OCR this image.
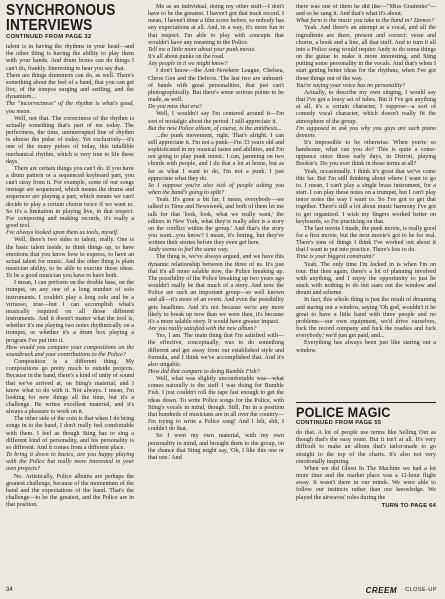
SYNCHRONOUS
INTERVIEWS
CONTINUED FROM PAGE 32

talent is in having the rhythms in your head—and the other thing is having the ability to play them with your hands. And drum boxes can do things I can't do, frankly. Interesting to hear you say that.

There are things drummers can do, as well. There's something about the feel of a band, that you can get live, of the tempos surging and settling, and the dynamism...

The "incorrectness" of the rhythm is what's good, you mean.

Well, not that. The correctness of the rhythm is actually something that's part of me today. The perfectness, the time, uninterrupted line of rhythm is almost the pulse of today. Yet exclusively—it's one of the many pulses of today, this infallible mechanical rhythm, which is very true to life these days.

There are certain things you can't do. If you have a drum pattern or a sequenced keyboard part, you can't stray from it. For example, some of our songs onstage are sequenced, which means the drums and sequencer are playing a part, which means we can't decide to play a certain chorus twice if we want to. So it's a limitation in playing live, in that respect. For composing and making records, it's really a good tool.

I've always looked upon them as tools, myself.

Well, there's two sides to talent, really. One is the basic talent inside, to think things up, to have emotions that you know how to express, to have an actual talent for music. And the other thing is plain musician ability, to be able to execute those ideas. To be a good musician you have to have both.

I mean, I can perform on the double bass, on the trumpet, on any one of a long number of solo instruments. I couldn't play a long solo and be a virtuoso, true—but I can accomplish what's musically required on all those different instruments. And it doesn't matter what the tool is, whether it's me playing two notes rhythmically on a trumpet, or whether it's a drum box playing a program I've put into it.

How would you compare your compositions on the soundtrack and your contributions to the Police?

Composition is a different thing. My compositions go pretty much to outside projects. Because in the band, there's a kind of unity of sound that we've arrived at, on Sting's material, and I know what to do with it. Not always. I mean, I'm looking for new things all the time, but it's a challenge. He writes excellent material, and it's always a pleasure to work on it.

The other side of the coin is that when I do bring songs in to the band, I don't really feel comfortable with them. I feel as though Sting has to sing a different kind of personality, and his personality is so different. And it comes from a different place.

To bring it down to basics, are you happy playing with the Police but really more interested in your own projects?

No. Artistically, Police albums are perhaps the greatest challenge, because of the momentum of the band and the expectations of the band. That's the challenge—to be the greatest, and the Police are in that position.

Me as an individual, doing my other stuff—I don't have to be the greatest. I haven't got that track record. I mean, I haven't done a film score before, so nobody has any expectations at all. And, in a way, it's more fun in that respect. I'm able to play with concepts that wouldn't have any meaning in the Police.

Tell me a little more about your punk movie.

It's all about punks on the road.

Any people in it we might know?

I don't know—the Anti-Nowhere League, Chelsea, Chron Gen and the Defects. The last two are unheard-of bands with great personalities, that just can't photographically. But there's some serious points to be made, as well.

Do you miss that era?

Well, I wouldn't say I'm centered around it—I'm sort of nostalgic about the period. I still appreciate it.

But the new Police album, of course, is the antithesis...

...the punk movement, right. That's alright. I can still appreciate it. I'm not a punk—I'm 33 years old and sophisticated in my musical tastes and abilities, and I'm not going to play punk music. I can, jamming on two chords with people, and I do that a lot at home, but as far as what I want to do, I'm not a punk. I just appreciate what they do.

So I suppose you're also sick of people asking you when the band's going to split?

Yeah. It's gone a bit far, I mean, everybody—we talked to Time and Newsweek, and both of them let me talk for that 'look, look, what we really want,' the editors in New York, what they're really after is a story on the conflict within the group.' And that's the story you want...you know? I mean, it's boring, but they've written their stories before they even get here.

Andy seems to feel the same way.

The thing is, we've always argued, and we have this dynamic relationship between the three of us. It's just that it's all more salable now, the Police breaking up. The possibility of the Police breaking up two years ago wouldn't really be that much of a story. And now the Police are such an important group—so well known and all—it's more of an event. And even the possibility gets headlines. And it's not because we're any more likely to break up now than we were then, it's because it's a more salable story. It would have greater impact.

Are you really satisfied with the new album?

Yes, I am. The main thing that I'm satisfied with—the effective, conceptually, was to do something different and get away from our established style and formula, and I think we've accomplished that. And it's also singable.

How did that compare to doing Rumble Fish?

Well, what was slightly uncomfortable was—what comes naturally is the stuff I was doing for Rumble Fish. I just couldn't roll the tape fast enough to get the ideas down. To write Police songs for the Police, with Sting's vocals in mind, though. Still, I'm in a position that hundreds of musicians are in all over the country—I'm trying to write a Police song! And I felt, shit, I couldn't do that.

So I went my own material, with my own personality in mind, and brought them to the group, on the chance that Sting might say, 'Oh, I like this one or that one.' And

there was one of them he did like—"Miss Gradenko"—and so he sang it. And that's what it's about.

What form is the music you take to the band in? Demos?

Yeah. And there's an attempt at a vocal, and all the ingredients are there, present and correct: verse and chorus, a hook and a line, all that stuff. And to turn it all into a Police song would require Andy to do some things on the guitar to make it more interesting, and Sting putting some personality in the vocals. And that's when I start getting better ideas for the rhythms, when I've got those things out of the way.

You're saying your voice has no personality?

Actually, to describe my own singing, I would say that I've got a lousy set of tubes. But if I've got anything at all, it's a certain character, I suppose—a sort of comedy vocal character, which doesn't really fit the atmosphere of the group.

I'm supposed to ask you why you guys are such piano demons.

It's impossible to be otherwise. When you're so handsome, what can you do? This is quite a come-uppance since those early days, in Detroit, playing Bookie's. Do you ever think in those terms at all?

Yeah, occasionally. I think it's great that we've come this far. But I'm still thinking about where I want to go to. I mean, I can't play a single brass instrument, for a start. I can play these notes on a trumpet, but I can't play tenor notes the way I want to. So I've got to get that together. There's still a lot about music harmony I've got to get organized. I wish my fingers worked better on keyboards, so I'm practicing on that.

The last movie I made, the punk movie, is really good for a first movie, but the next movie's got to be for real. There's tons of things I think I've worked out about it that I want to put into practice. There's lots to do.

Time is your biggest constraint?

Yeah. The only time I'm locked in is when I'm on tour. But then again, there's a lot of planning involved with anything, and I enjoy the opportunity to just be stuck with nothing to do but stare out the window and dream and scheme.

In fact, this whole thing is just the result of dreaming and staring out a window, saying 'Oh god, wouldn't it be great to have a little band with three people and no problems—our own equipment, we'd drive ourselves, fuck the record company and fuck the roadies and fuck everybody,' we'd just get paid, and...

Everything has always been just like staring out a window.

POLICE MAGIC
CONTINUED FROM PAGE 55

do that. A lot of people use terms like Selling Out as though that's the easy route. But it isn't at all. It's very difficult to make an album that's tailor-made to go straight to the top of the charts. It's also not very emotionally inspiring.

When we did Ghost In The Machine we had a lot more time and the market place was a 12-hour flight away. It wasn't there in our minds. We were able to follow our instincts rather than our knowledge. We played the airwaves' rules during the

TURN TO PAGE 64
34	CREEM CLOSE-UP
